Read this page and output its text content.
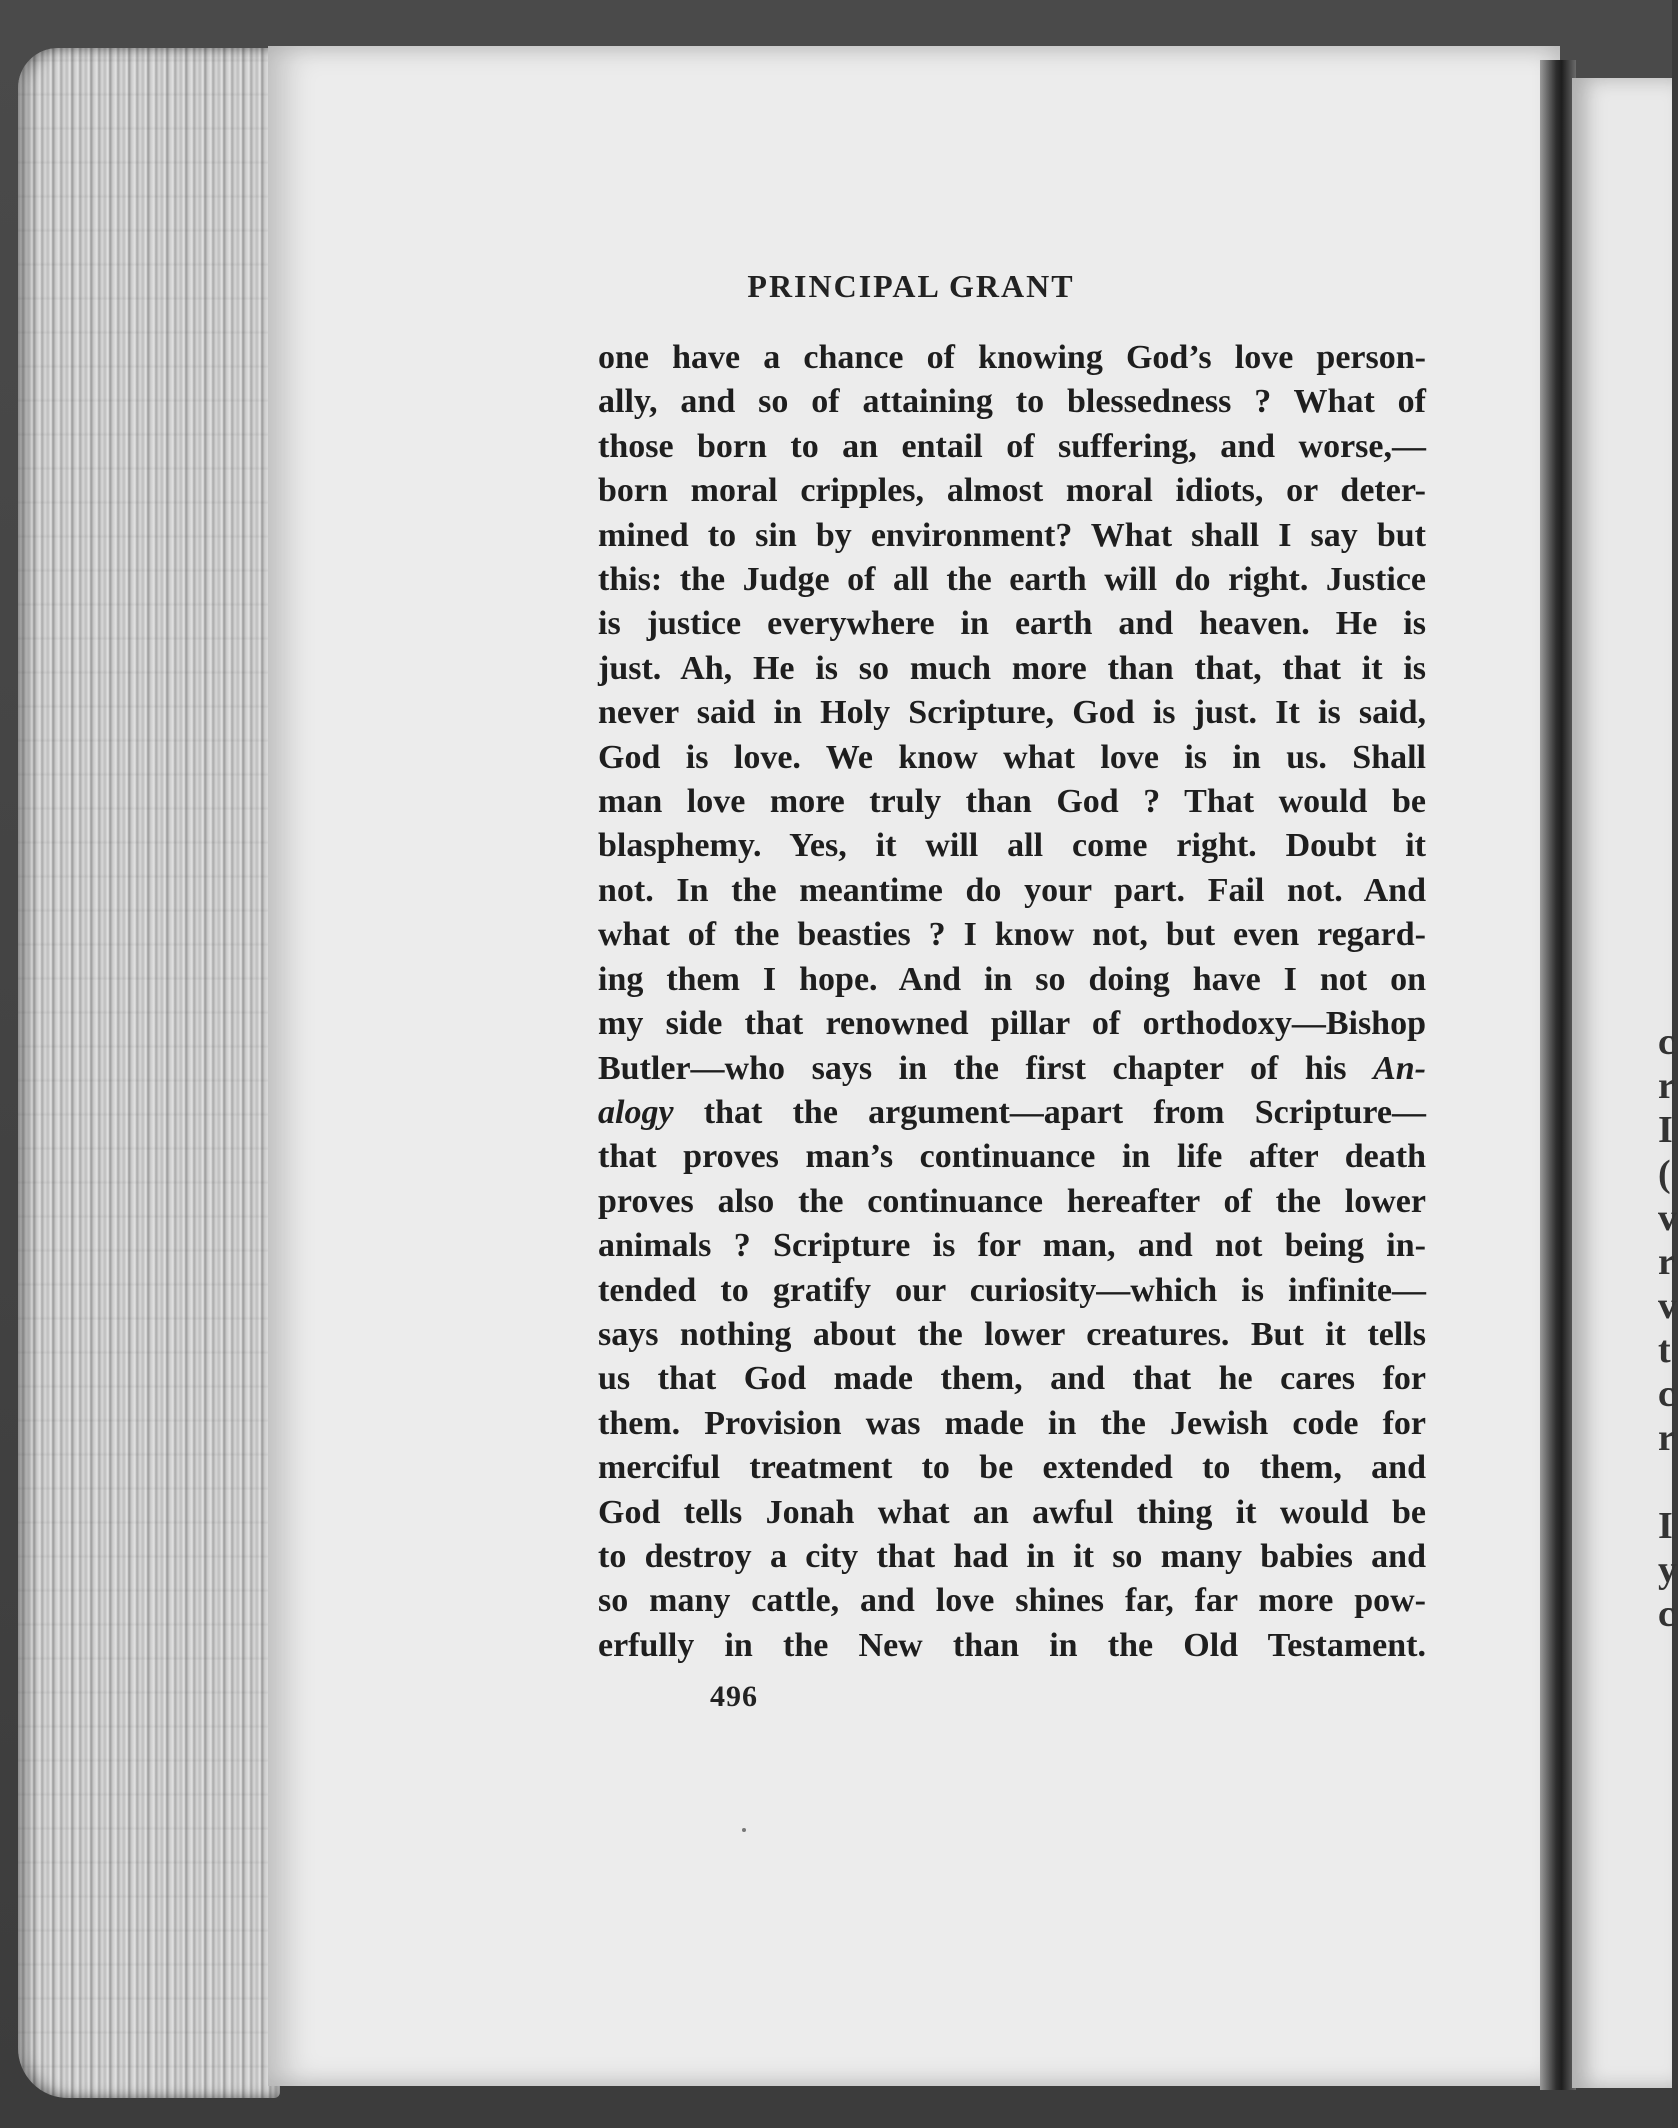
c
r
I
(
v
r
v
t
c
r

I
y
c
PRINCIPAL GRANT
one have a chance of knowing God’s love person-
ally, and so of attaining to blessedness ? What of
those born to an entail of suffering, and worse,—
born moral cripples, almost moral idiots, or deter-
mined to sin by environment? What shall I say but
this: the Judge of all the earth will do right. Justice
is justice everywhere in earth and heaven. He is
just. Ah, He is so much more than that, that it is
never said in Holy Scripture, God is just. It is said,
God is love. We know what love is in us. Shall
man love more truly than God ? That would be
blasphemy. Yes, it will all come right. Doubt it
not. In the meantime do your part. Fail not. And
what of the beasties ? I know not, but even regard-
ing them I hope. And in so doing have I not on
my side that renowned pillar of orthodoxy—Bishop
Butler—who says in the first chapter of his An-
alogy that the argument—apart from Scripture—
that proves man’s continuance in life after death
proves also the continuance hereafter of the lower
animals ? Scripture is for man, and not being in-
tended to gratify our curiosity—which is infinite—
says nothing about the lower creatures. But it tells
us that God made them, and that he cares for
them. Provision was made in the Jewish code for
merciful treatment to be extended to them, and
God tells Jonah what an awful thing it would be
to destroy a city that had in it so many babies and
so many cattle, and love shines far, far more pow-
erfully in the New than in the Old Testament.
496
